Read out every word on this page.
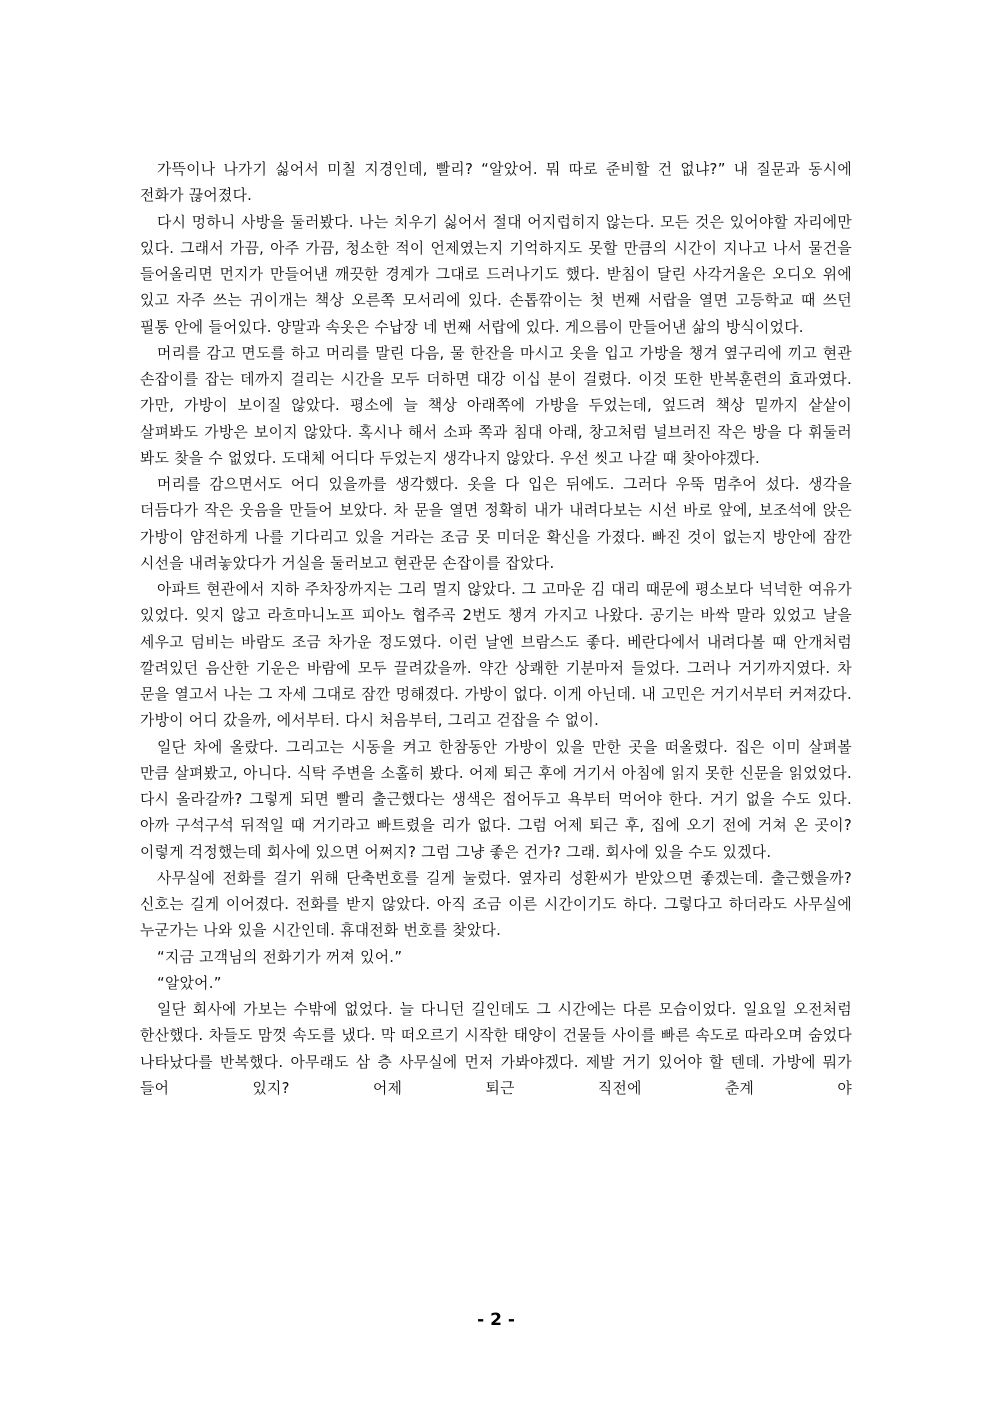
가뜩이나 나가기 싫어서 미칠 지경인데, 빨리? “알았어. 뭐 따로 준비할 건 없냐?” 내 질문과 동시에 전화가 끊어졌다.

다시 멍하니 사방을 둘러봤다. 나는 치우기 싫어서 절대 어지럽히지 않는다. 모든 것은 있어야할 자리에만 있다. 그래서 가끔, 아주 가끔, 청소한 적이 언제였는지 기억하지도 못할 만큼의 시간이 지나고 나서 물건을 들어올리면 먼지가 만들어낸 깨끗한 경계가 그대로 드러나기도 했다. 받침이 달린 사각거울은 오디오 위에 있고 자주 쓰는 귀이개는 책상 오른쪽 모서리에 있다. 손톱깎이는 첫 번째 서랍을 열면 고등학교 때 쓰던 필통 안에 들어있다. 양말과 속옷은 수납장 네 번째 서랍에 있다. 게으름이 만들어낸 삶의 방식이었다.

머리를 감고 면도를 하고 머리를 말린 다음, 물 한잔을 마시고 옷을 입고 가방을 챙겨 옆구리에 끼고 현관 손잡이를 잡는 데까지 걸리는 시간을 모두 더하면 대강 이십 분이 걸렸다. 이것 또한 반복훈련의 효과였다. 가만, 가방이 보이질 않았다. 평소에 늘 책상 아래쪽에 가방을 두었는데, 엎드려 책상 밑까지 샅샅이 살펴봐도 가방은 보이지 않았다. 혹시나 해서 소파 쪽과 침대 아래, 창고처럼 널브러진 작은 방을 다 휘둘러 봐도 찾을 수 없었다. 도대체 어디다 두었는지 생각나지 않았다. 우선 씻고 나갈 때 찾아야겠다.

머리를 감으면서도 어디 있을까를 생각했다. 옷을 다 입은 뒤에도. 그러다 우뚝 멈추어 섰다. 생각을 더듬다가 작은 웃음을 만들어 보았다. 차 문을 열면 정확히 내가 내려다보는 시선 바로 앞에, 보조석에 앉은 가방이 얌전하게 나를 기다리고 있을 거라는 조금 못 미더운 확신을 가졌다. 빠진 것이 없는지 방안에 잠깐 시선을 내려놓았다가 거실을 둘러보고 현관문 손잡이를 잡았다.

아파트 현관에서 지하 주차장까지는 그리 멀지 않았다. 그 고마운 김 대리 때문에 평소보다 넉넉한 여유가 있었다. 잊지 않고 라흐마니노프 피아노 협주곡 2번도 챙겨 가지고 나왔다. 공기는 바싹 말라 있었고 날을 세우고 덤비는 바람도 조금 차가운 정도였다. 이런 날엔 브람스도 좋다. 베란다에서 내려다볼 때 안개처럼 깔려있던 음산한 기운은 바람에 모두 끌려갔을까. 약간 상쾌한 기분마저 들었다. 그러나 거기까지였다. 차 문을 열고서 나는 그 자세 그대로 잠깐 멍해졌다. 가방이 없다. 이게 아닌데. 내 고민은 거기서부터 커져갔다. 가방이 어디 갔을까, 에서부터. 다시 처음부터, 그리고 걷잡을 수 없이.

일단 차에 올랐다. 그리고는 시동을 켜고 한참동안 가방이 있을 만한 곳을 떠올렸다. 집은 이미 살펴볼 만큼 살펴봤고, 아니다. 식탁 주변을 소홀히 봤다. 어제 퇴근 후에 거기서 아침에 읽지 못한 신문을 읽었었다. 다시 올라갈까? 그렇게 되면 빨리 출근했다는 생색은 접어두고 욕부터 먹어야 한다. 거기 없을 수도 있다. 아까 구석구석 뒤적일 때 거기라고 빠트렸을 리가 없다. 그럼 어제 퇴근 후, 집에 오기 전에 거쳐 온 곳이? 이렇게 걱정했는데 회사에 있으면 어쩌지? 그럼 그냥 좋은 건가? 그래. 회사에 있을 수도 있겠다.

사무실에 전화를 걸기 위해 단축번호를 길게 눌렀다. 옆자리 성환씨가 받았으면 좋겠는데. 출근했을까? 신호는 길게 이어졌다. 전화를 받지 않았다. 아직 조금 이른 시간이기도 하다. 그렇다고 하더라도 사무실에 누군가는 나와 있을 시간인데. 휴대전화 번호를 찾았다.

“지금 고객님의 전화기가 꺼져 있어.”

“알았어.”

일단 회사에 가보는 수밖에 없었다. 늘 다니던 길인데도 그 시간에는 다른 모습이었다. 일요일 오전처럼 한산했다. 차들도 맘껏 속도를 냈다. 막 떠오르기 시작한 태양이 건물들 사이를 빠른 속도로 따라오며 숨었다 나타났다를 반복했다. 아무래도 삼 층 사무실에 먼저 가봐야겠다. 제발 거기 있어야 할 텐데. 가방에 뭐가 들어 있지? 어제 퇴근 직전에 춘계 야

- 2 -
